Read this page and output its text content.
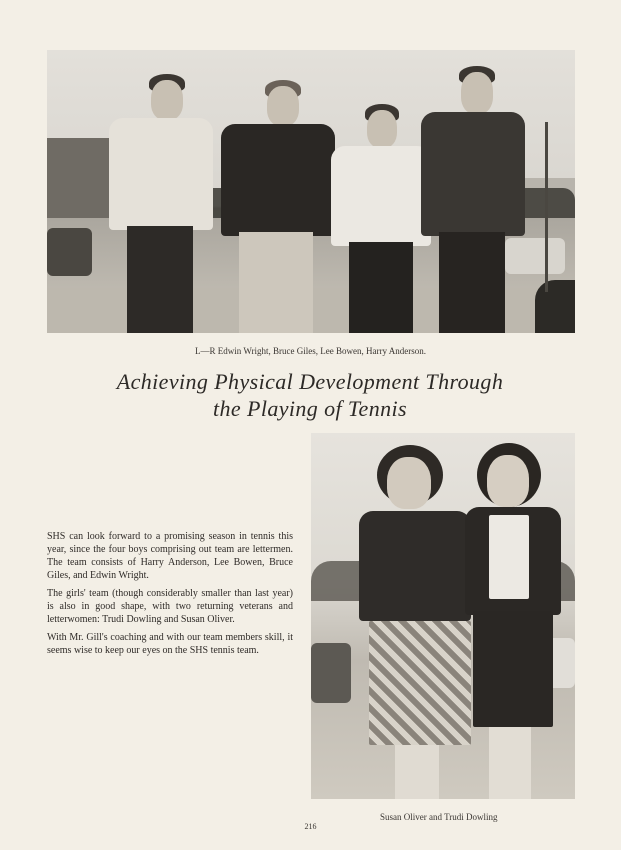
L—R Edwin Wright, Bruce Giles, Lee Bowen, Harry Anderson.
Achieving Physical Development Through
the Playing of Tennis

SHS can look forward to a promising season in tennis this year, since the four boys comprising out team are lettermen. The team consists of Harry Anderson, Lee Bowen, Bruce Giles, and Edwin Wright.

The girls' team (though considerably smaller than last year) is also in good shape, with two returning veterans and letterwomen: Trudi Dowling and Susan Oliver.

With Mr. Gill's coaching and with our team members skill, it seems wise to keep our eyes on the SHS tennis team.

Susan Oliver and Trudi Dowling
216
